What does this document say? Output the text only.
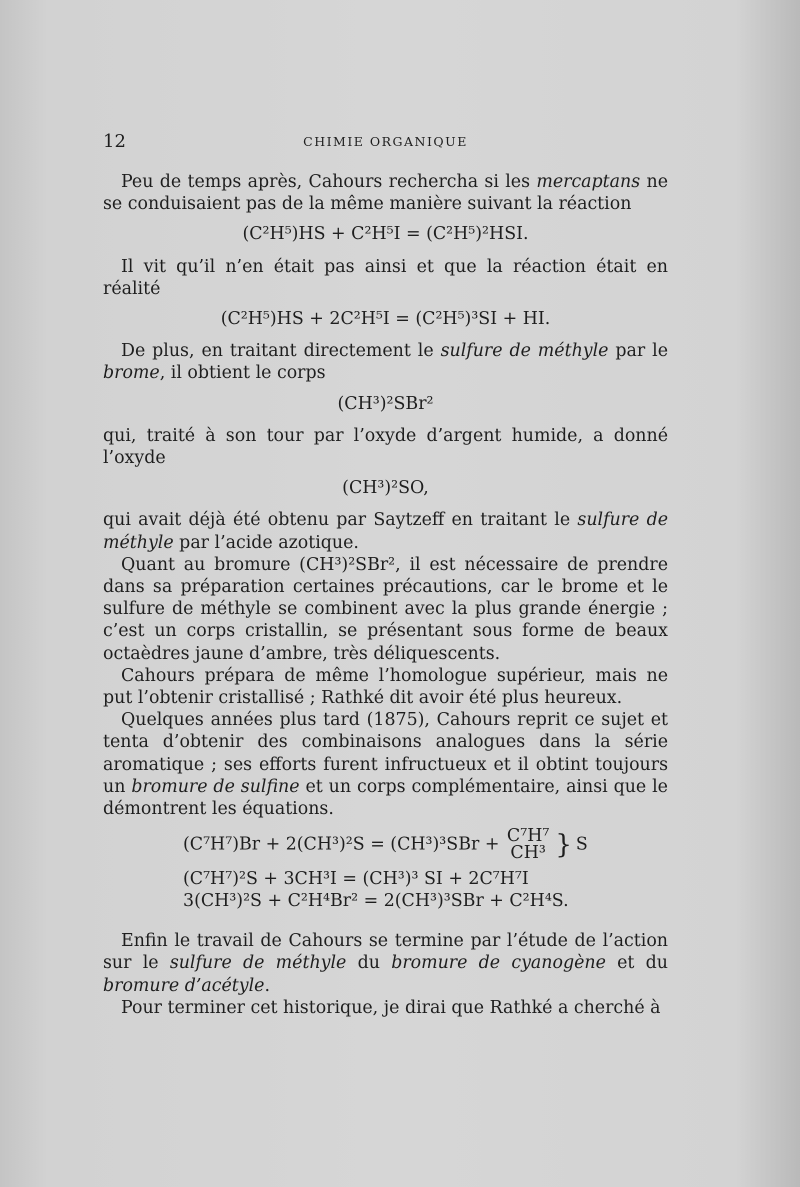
12	CHIMIE ORGANIQUE

Peu de temps après, Cahours rechercha si les mercaptans ne se conduisaient pas de la même manière suivant la réaction

(C²H⁵)HS + C²H⁵I = (C²H⁵)²HSI.

Il vit qu’il n’en était pas ainsi et que la réaction était en réalité

(C²H⁵)HS + 2C²H⁵I = (C²H⁵)³SI + HI.

De plus, en traitant directement le sulfure de méthyle par le brome, il obtient le corps

(CH³)²SBr²

qui, traité à son tour par l’oxyde d’argent humide, a donné l’oxyde

(CH³)²SO,

qui avait déjà été obtenu par Saytzeff en traitant le sulfure de méthyle par l’acide azotique.

Quant au bromure (CH³)²SBr², il est nécessaire de prendre dans sa préparation certaines précautions, car le brome et le sulfure de méthyle se combinent avec la plus grande énergie ; c’est un corps cristallin, se présentant sous forme de beaux octaèdres jaune d’ambre, très déliquescents.

Cahours prépara de même l’homologue supérieur, mais ne put l’obtenir cristallisé ; Rathké dit avoir été plus heureux.

Quelques années plus tard (1875), Cahours reprit ce sujet et tenta d’obtenir des combinaisons analogues dans la série aromatique ; ses efforts furent infructueux et il obtint toujours un bromure de sulfine et un corps complémentaire, ainsi que le démontrent les équations.

(C⁷H⁷)Br + 2(CH³)²S = (CH³)³SBr + C⁷H⁷
CH³ } S
(C⁷H⁷)²S + 3CH³I = (CH³)³ SI + 2C⁷H⁷I
3(CH³)²S + C²H⁴Br² = 2(CH³)³SBr + C²H⁴S.

Enfin le travail de Cahours se termine par l’étude de l’action sur le sulfure de méthyle du bromure de cyanogène et du bromure d’acétyle.

Pour terminer cet historique, je dirai que Rathké a cherché à
